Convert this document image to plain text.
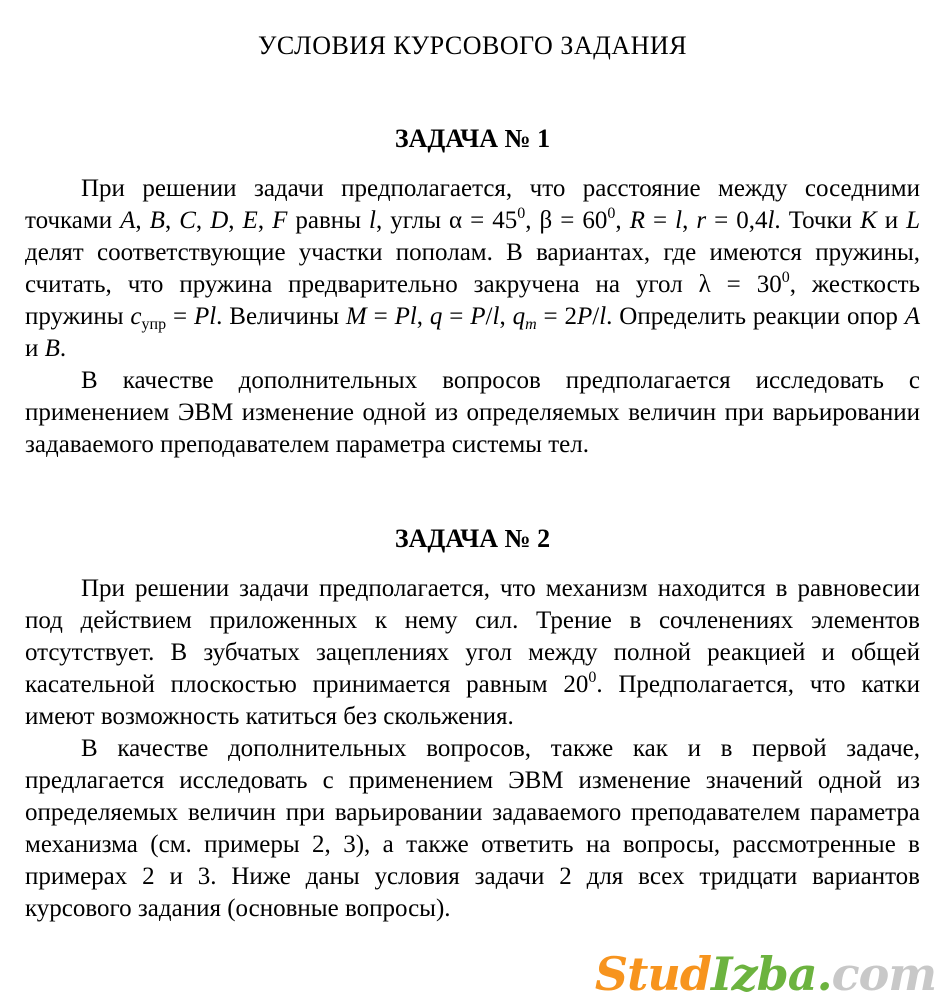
УСЛОВИЯ КУРСОВОГО ЗАДАНИЯ
ЗАДАЧА № 1

При решении задачи предполагается, что расстояние между соседними точками A, B, C, D, E, F равны l, углы $\alpha = 45^0$, $\beta = 60^0$, R = l, r = 0,4l. Точки K и L делят соответствующие участки пополам. В вариантах, где имеются пружины, считать, что пружина предварительно закручена на угол $\lambda = 30^0$, жесткость пружины $c_{упр} = Pl$. Величины M = Pl, q = P/l, $q_m = 2P/l$. Определить реакции опор A и B.

В качестве дополнительных вопросов предполагается исследовать с применением ЭВМ изменение одной из определяемых величин при варьировании задаваемого преподавателем параметра системы тел.

ЗАДАЧА № 2

При решении задачи предполагается, что механизм находится в равновесии под действием приложенных к нему сил. Трение в сочленениях элементов отсутствует. В зубчатых зацеплениях угол между полной реакцией и общей касательной плоскостью принимается равным $20^0$. Предполагается, что катки имеют возможность катиться без скольжения.

В качестве дополнительных вопросов, также как и в первой задаче, предлагается исследовать с применением ЭВМ изменение значений одной из определяемых величин при варьировании задаваемого преподавателем параметра механизма (см. примеры 2, 3), а также ответить на вопросы, рассмотренные в примерах 2 и 3. Ниже даны условия задачи 2 для всех тридцати вариантов курсового задания (основные вопросы).

StudIzba.com
